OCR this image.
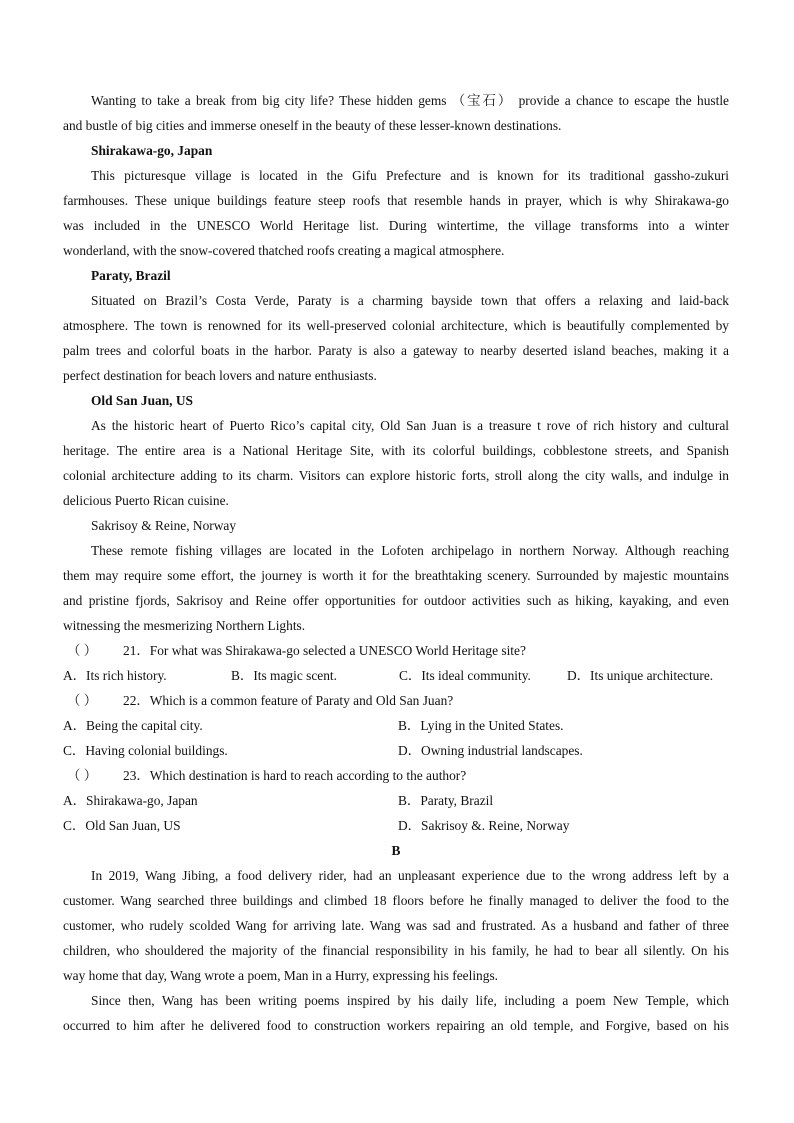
Wanting to take a break from big city life? These hidden gems （宝石） provide a chance to escape the hustle
and bustle of big cities and immerse oneself in the beauty of these lesser-known destinations.
Shirakawa-go, Japan
This picturesque village is located in the Gifu Prefecture and is known for its traditional gassho-zukuri
farmhouses. These unique buildings feature steep roofs that resemble hands in prayer, which is why Shirakawa-go
was included in the UNESCO World Heritage list. During wintertime, the village transforms into a winter
wonderland, with the snow-covered thatched roofs creating a magical atmosphere.
Paraty, Brazil
Situated on Brazil’s Costa Verde, Paraty is a charming bayside town that offers a relaxing and laid-back
atmosphere. The town is renowned for its well-preserved colonial architecture, which is beautifully complemented by
palm trees and colorful boats in the harbor. Paraty is also a gateway to nearby deserted island beaches, making it a
perfect destination for beach lovers and nature enthusiasts.
Old San Juan, US
As the historic heart of Puerto Rico’s capital city, Old San Juan is a treasure t rove of rich history and cultural
heritage. The entire area is a National Heritage Site, with its colorful buildings, cobblestone streets, and Spanish
colonial architecture adding to its charm. Visitors can explore historic forts, stroll along the city walls, and indulge in
delicious Puerto Rican cuisine.
Sakrisoy & Reine, Norway
These remote fishing villages are located in the Lofoten archipelago in northern Norway. Although reaching
them may require some effort, the journey is worth it for the breathtaking scenery. Surrounded by majestic mountains
and pristine fjords, Sakrisoy and Reine offer opportunities for outdoor activities such as hiking, kayaking, and even
witnessing the mesmerizing Northern Lights.
（ ）	21．For what was Shirakawa-go selected a UNESCO World Heritage site?
A．Its rich history.	B．Its magic scent.	C．Its ideal community.	D．Its unique architecture.
（ ）	22．Which is a common feature of Paraty and Old San Juan?
A．Being the capital city.	B．Lying in the United States.
C．Having colonial buildings.	D．Owning industrial landscapes.
（ ）	23．Which destination is hard to reach according to the author?
A．Shirakawa-go, Japan	B．Paraty, Brazil
C．Old San Juan, US	D．Sakrisoy &. Reine, Norway
B
In 2019, Wang Jibing, a food delivery rider, had an unpleasant experience due to the wrong address left by a
customer. Wang searched three buildings and climbed 18 floors before he finally managed to deliver the food to the
customer, who rudely scolded Wang for arriving late. Wang was sad and frustrated. As a husband and father of three
children, who shouldered the majority of the financial responsibility in his family, he had to bear all silently. On his
way home that day, Wang wrote a poem, Man in a Hurry, expressing his feelings.
Since then, Wang has been writing poems inspired by his daily life, including a poem New Temple, which
occurred to him after he delivered food to construction workers repairing an old temple, and Forgive, based on his
